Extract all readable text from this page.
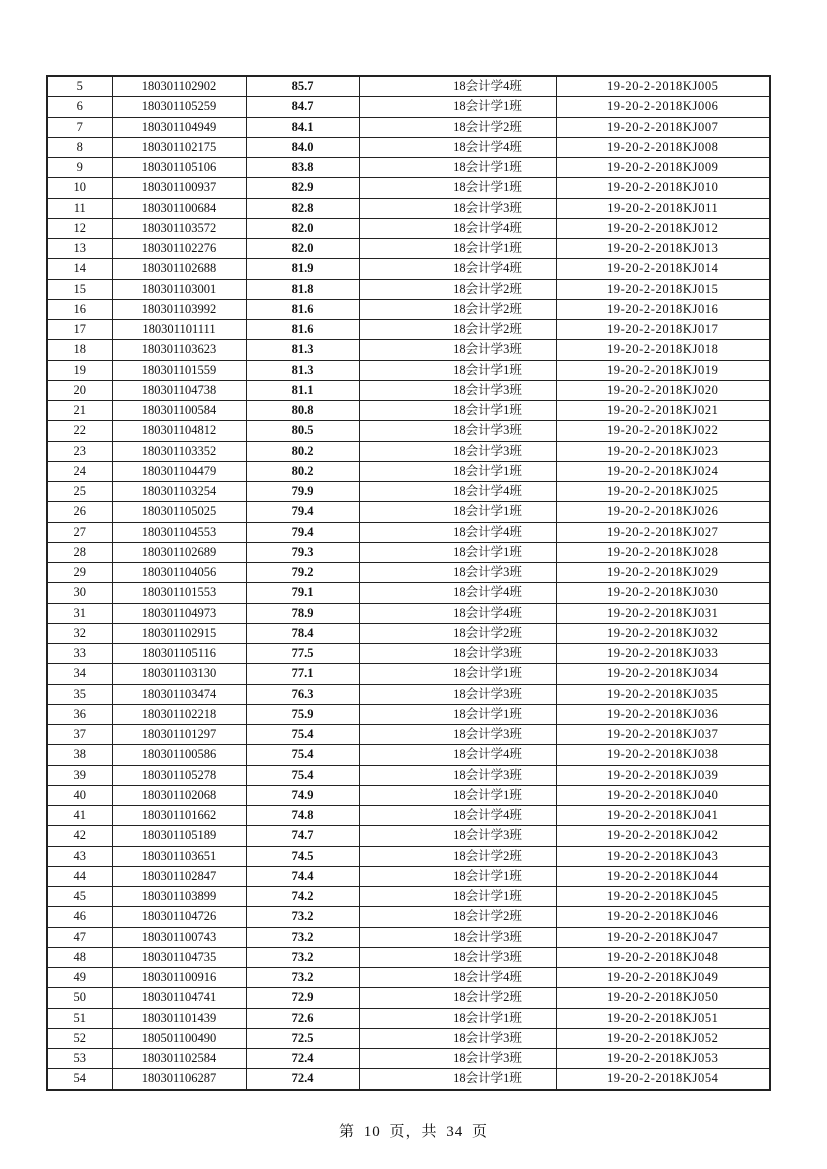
5	180301102902	85.7	18会计学4班	19-20-2-2018KJ005
6	180301105259	84.7	18会计学1班	19-20-2-2018KJ006
7	180301104949	84.1	18会计学2班	19-20-2-2018KJ007
8	180301102175	84.0	18会计学4班	19-20-2-2018KJ008
9	180301105106	83.8	18会计学1班	19-20-2-2018KJ009
10	180301100937	82.9	18会计学1班	19-20-2-2018KJ010
11	180301100684	82.8	18会计学3班	19-20-2-2018KJ011
12	180301103572	82.0	18会计学4班	19-20-2-2018KJ012
13	180301102276	82.0	18会计学1班	19-20-2-2018KJ013
14	180301102688	81.9	18会计学4班	19-20-2-2018KJ014
15	180301103001	81.8	18会计学2班	19-20-2-2018KJ015
16	180301103992	81.6	18会计学2班	19-20-2-2018KJ016
17	180301101111	81.6	18会计学2班	19-20-2-2018KJ017
18	180301103623	81.3	18会计学3班	19-20-2-2018KJ018
19	180301101559	81.3	18会计学1班	19-20-2-2018KJ019
20	180301104738	81.1	18会计学3班	19-20-2-2018KJ020
21	180301100584	80.8	18会计学1班	19-20-2-2018KJ021
22	180301104812	80.5	18会计学3班	19-20-2-2018KJ022
23	180301103352	80.2	18会计学3班	19-20-2-2018KJ023
24	180301104479	80.2	18会计学1班	19-20-2-2018KJ024
25	180301103254	79.9	18会计学4班	19-20-2-2018KJ025
26	180301105025	79.4	18会计学1班	19-20-2-2018KJ026
27	180301104553	79.4	18会计学4班	19-20-2-2018KJ027
28	180301102689	79.3	18会计学1班	19-20-2-2018KJ028
29	180301104056	79.2	18会计学3班	19-20-2-2018KJ029
30	180301101553	79.1	18会计学4班	19-20-2-2018KJ030
31	180301104973	78.9	18会计学4班	19-20-2-2018KJ031
32	180301102915	78.4	18会计学2班	19-20-2-2018KJ032
33	180301105116	77.5	18会计学3班	19-20-2-2018KJ033
34	180301103130	77.1	18会计学1班	19-20-2-2018KJ034
35	180301103474	76.3	18会计学3班	19-20-2-2018KJ035
36	180301102218	75.9	18会计学1班	19-20-2-2018KJ036
37	180301101297	75.4	18会计学3班	19-20-2-2018KJ037
38	180301100586	75.4	18会计学4班	19-20-2-2018KJ038
39	180301105278	75.4	18会计学3班	19-20-2-2018KJ039
40	180301102068	74.9	18会计学1班	19-20-2-2018KJ040
41	180301101662	74.8	18会计学4班	19-20-2-2018KJ041
42	180301105189	74.7	18会计学3班	19-20-2-2018KJ042
43	180301103651	74.5	18会计学2班	19-20-2-2018KJ043
44	180301102847	74.4	18会计学1班	19-20-2-2018KJ044
45	180301103899	74.2	18会计学1班	19-20-2-2018KJ045
46	180301104726	73.2	18会计学2班	19-20-2-2018KJ046
47	180301100743	73.2	18会计学3班	19-20-2-2018KJ047
48	180301104735	73.2	18会计学3班	19-20-2-2018KJ048
49	180301100916	73.2	18会计学4班	19-20-2-2018KJ049
50	180301104741	72.9	18会计学2班	19-20-2-2018KJ050
51	180301101439	72.6	18会计学1班	19-20-2-2018KJ051
52	180501100490	72.5	18会计学3班	19-20-2-2018KJ052
53	180301102584	72.4	18会计学3班	19-20-2-2018KJ053
54	180301106287	72.4	18会计学1班	19-20-2-2018KJ054
第 10 页，共 34 页
